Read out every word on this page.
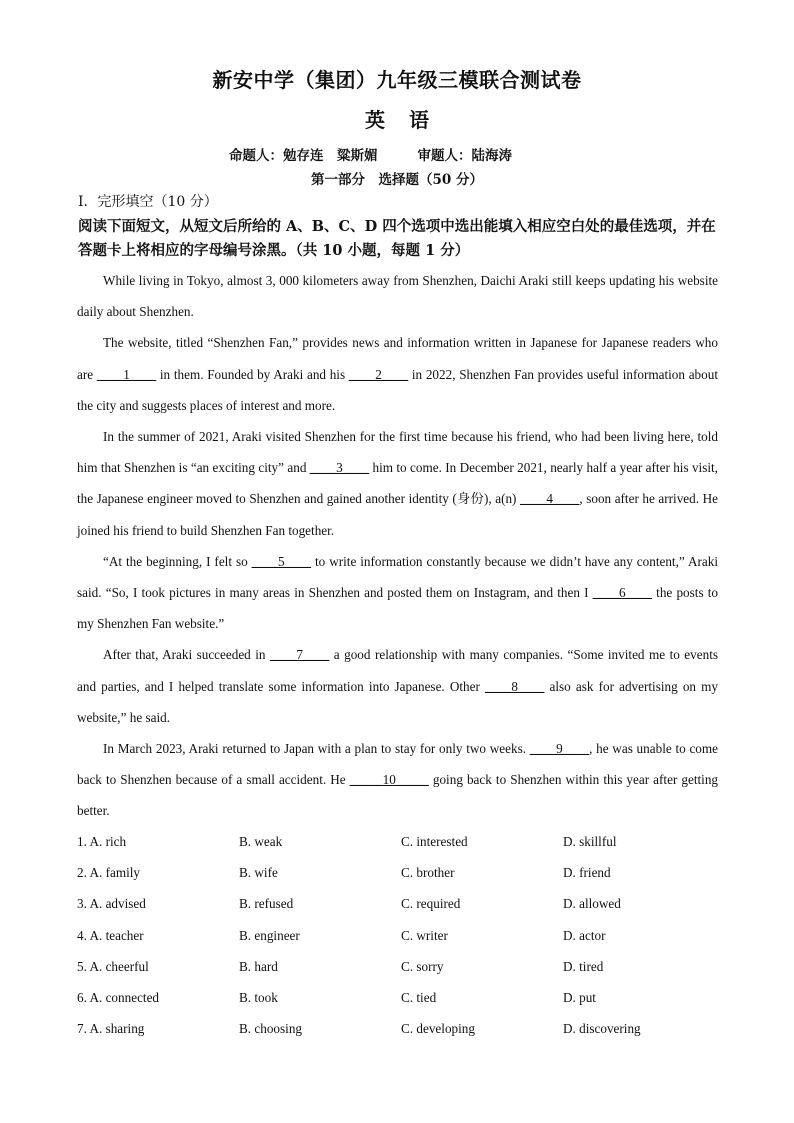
新安中学（集团）九年级三模联合测试卷
英 语
命题人：勉存连　粱斯媚	审题人：陆海涛
第一部分　选择题（50 分）
Ⅰ．完形填空（10 分）
阅读下面短文，从短文后所给的 A、B、C、D 四个选项中选出能填入相应空白处的最佳选项，并在答题卡上将相应的字母编号涂黑。（共 10 小题，每题 1 分）

While living in Tokyo, almost 3, 000 kilometers away from Shenzhen, Daichi Araki still keeps updating his website daily about Shenzhen.

The website, titled “Shenzhen Fan,” provides news and information written in Japanese for Japanese readers who are ____1____ in them. Founded by Araki and his ____2____ in 2022, Shenzhen Fan provides useful information about the city and suggests places of interest and more.

In the summer of 2021, Araki visited Shenzhen for the first time because his friend, who had been living here, told him that Shenzhen is “an exciting city” and ____3____ him to come. In December 2021, nearly half a year after his visit, the Japanese engineer moved to Shenzhen and gained another identity (身份), a(n) ____4____, soon after he arrived. He joined his friend to build Shenzhen Fan together.

“At the beginning, I felt so ____5____ to write information constantly because we didn’t have any content,” Araki said. “So, I took pictures in many areas in Shenzhen and posted them on Instagram, and then I ____6____ the posts to my Shenzhen Fan website.”

After that, Araki succeeded in ____7____ a good relationship with many companies. “Some invited me to events and parties, and I helped translate some information into Japanese. Other ____8____ also ask for advertising on my website,” he said.

In March 2023, Araki returned to Japan with a plan to stay for only two weeks. ____9____, he was unable to come back to Shenzhen because of a small accident. He _____10_____ going back to Shenzhen within this year after getting better.

1. A. rich	B. weak	C. interested	D. skillful
2. A. family	B. wife	C. brother	D. friend
3. A. advised	B. refused	C. required	D. allowed
4. A. teacher	B. engineer	C. writer	D. actor
5. A. cheerful	B. hard	C. sorry	D. tired
6. A. connected	B. took	C. tied	D. put
7. A. sharing	B. choosing	C. developing	D. discovering
